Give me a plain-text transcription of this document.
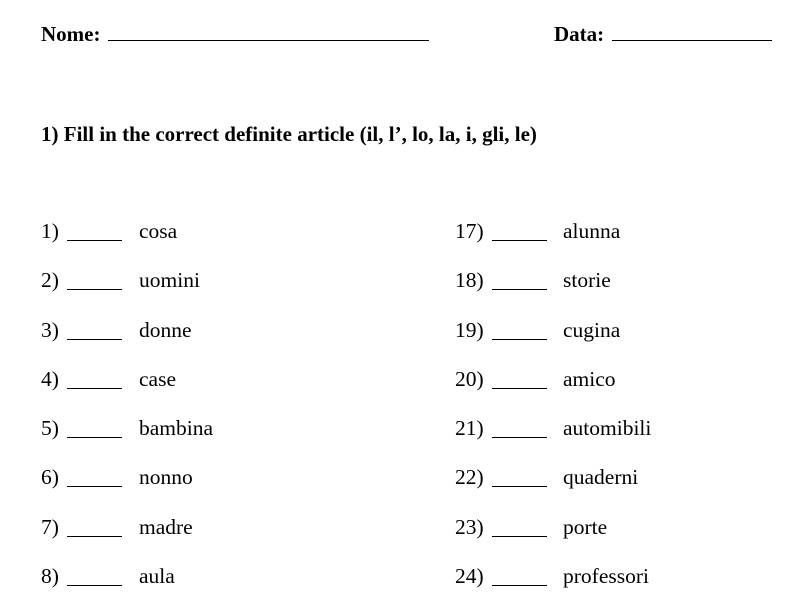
Nome:	Data:
1) Fill in the correct definite article (il, l’, lo, la, i, gli, le)
1)	cosa
2)	uomini
3)	donne
4)	case
5)	bambina
6)	nonno
7)	madre
8)	aula
17)	alunna
18)	storie
19)	cugina
20)	amico
21)	automibili
22)	quaderni
23)	porte
24)	professori
